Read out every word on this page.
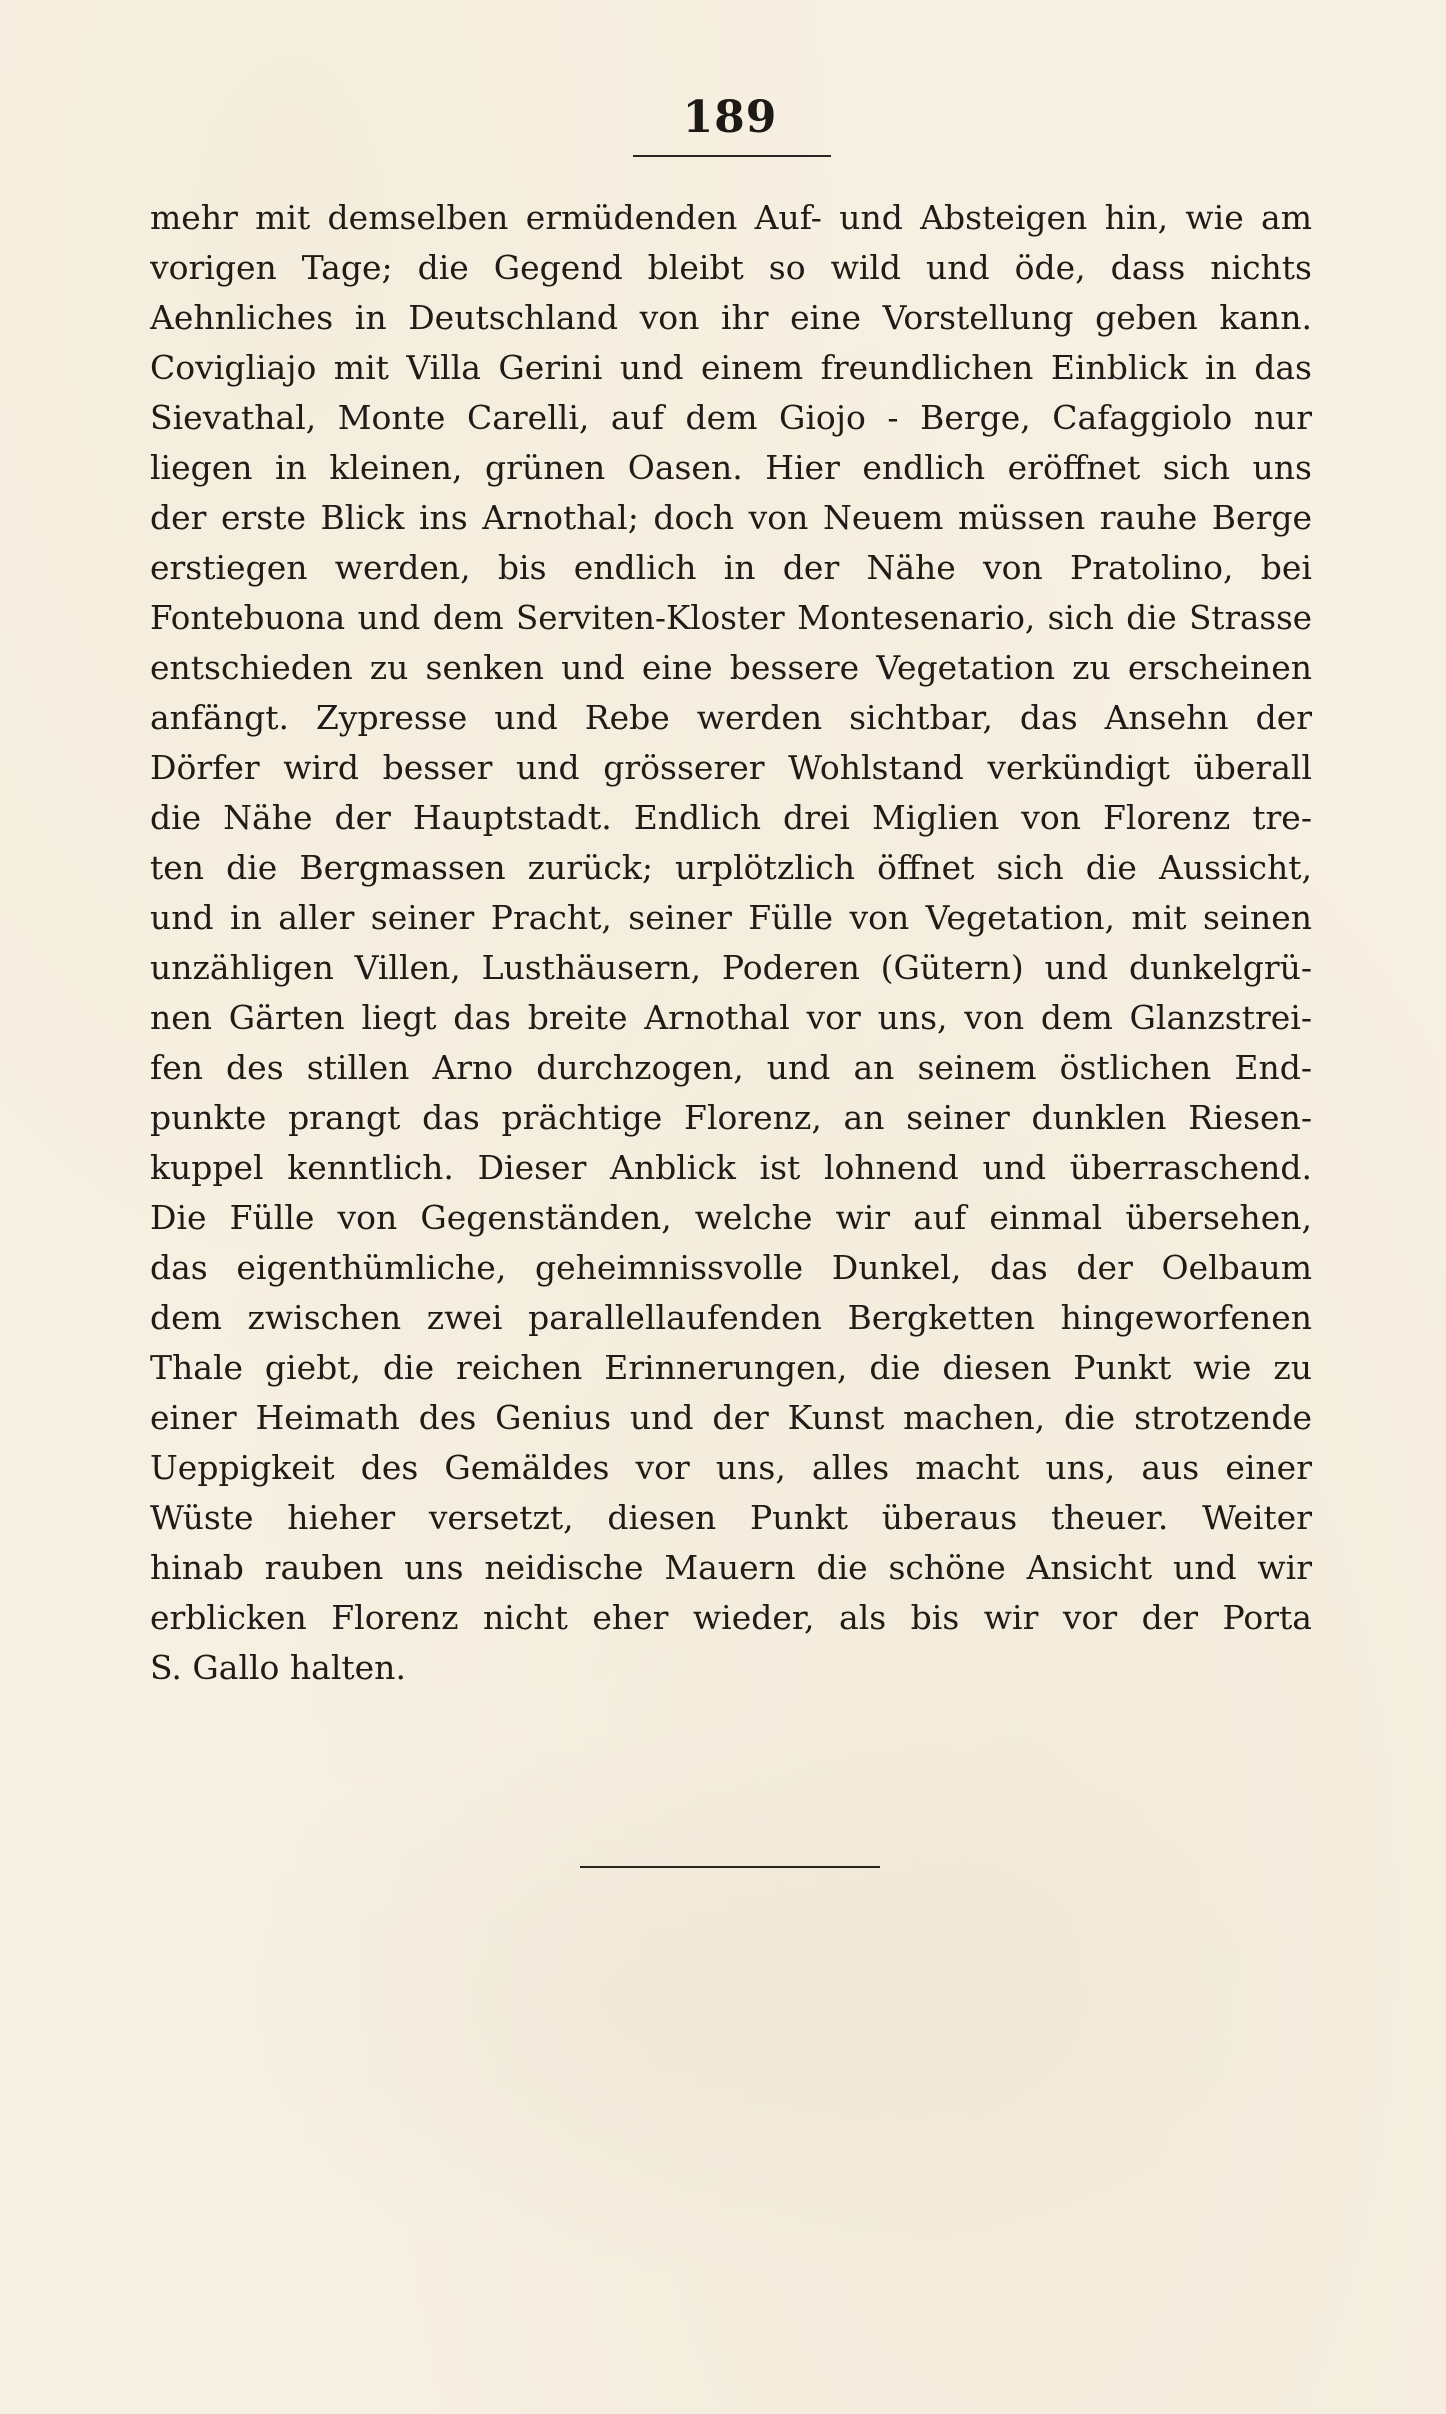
189
mehr mit demselben ermüdenden Auf- und Absteigen hin, wie am
vorigen Tage; die Gegend bleibt so wild und öde, dass nichts
Aehnliches in Deutschland von ihr eine Vorstellung geben kann.
Covigliajo mit Villa Gerini und einem freundlichen Einblick in das
Sievathal, Monte Carelli, auf dem Giojo - Berge, Cafaggiolo nur
liegen in kleinen, grünen Oasen. Hier endlich eröffnet sich uns
der erste Blick ins Arnothal; doch von Neuem müssen rauhe Berge
erstiegen werden, bis endlich in der Nähe von Pratolino, bei
Fontebuona und dem Serviten-Kloster Montesenario, sich die Strasse
entschieden zu senken und eine bessere Vegetation zu erscheinen
anfängt. Zypresse und Rebe werden sichtbar, das Ansehn der
Dörfer wird besser und grösserer Wohlstand verkündigt überall
die Nähe der Hauptstadt. Endlich drei Miglien von Florenz tre-
ten die Bergmassen zurück; urplötzlich öffnet sich die Aussicht,
und in aller seiner Pracht, seiner Fülle von Vegetation, mit seinen
unzähligen Villen, Lusthäusern, Poderen (Gütern) und dunkelgrü-
nen Gärten liegt das breite Arnothal vor uns, von dem Glanzstrei-
fen des stillen Arno durchzogen, und an seinem östlichen End-
punkte prangt das prächtige Florenz, an seiner dunklen Riesen-
kuppel kenntlich. Dieser Anblick ist lohnend und überraschend.
Die Fülle von Gegenständen, welche wir auf einmal übersehen,
das eigenthümliche, geheimnissvolle Dunkel, das der Oelbaum
dem zwischen zwei parallellaufenden Bergketten hingeworfenen
Thale giebt, die reichen Erinnerungen, die diesen Punkt wie zu
einer Heimath des Genius und der Kunst machen, die strotzende
Ueppigkeit des Gemäldes vor uns, alles macht uns, aus einer
Wüste hieher versetzt, diesen Punkt überaus theuer. Weiter
hinab rauben uns neidische Mauern die schöne Ansicht und wir
erblicken Florenz nicht eher wieder, als bis wir vor der Porta
S. Gallo halten.
